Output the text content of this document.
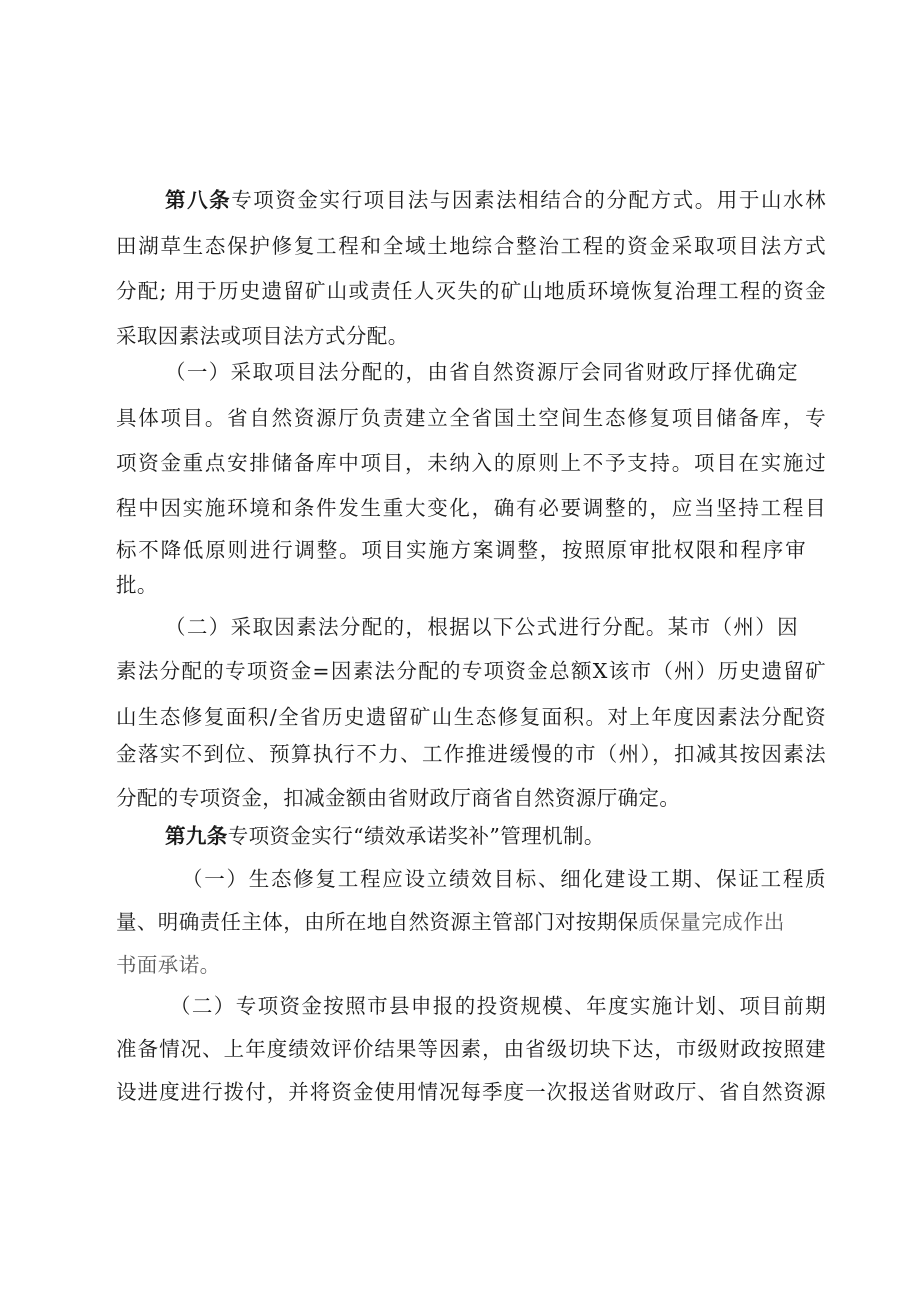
第八条专项资金实行项目法与因素法相结合的分配方式。用于山水林
田湖草生态保护修复工程和全域土地综合整治工程的资金采取项目法方式
分配; 用于历史遗留矿山或责任人灭失的矿山地质环境恢复治理工程的资金
采取因素法或项目法方式分配。
（一）采取项目法分配的，由省自然资源厅会同省财政厅择优确定
具体项目。省自然资源厅负责建立全省国土空间生态修复项目储备库，专
项资金重点安排储备库中项目，未纳入的原则上不予支持。项目在实施过
程中因实施环境和条件发生重大变化，确有必要调整的，应当坚持工程目
标不降低原则进行调整。项目实施方案调整，按照原审批权限和程序审
批。
（二）采取因素法分配的，根据以下公式进行分配。某市（州）因
素法分配的专项资金=因素法分配的专项资金总额X该市（州）历史遗留矿
山生态修复面积/全省历史遗留矿山生态修复面积。对上年度因素法分配资
金落实不到位、预算执行不力、工作推进缓慢的市（州），扣减其按因素法
分配的专项资金，扣减金额由省财政厅商省自然资源厅确定。
第九条专项资金实行“绩效承诺奖补”管理机制。
（一）生态修复工程应设立绩效目标、细化建设工期、保证工程质
量、明确责任主体，由所在地自然资源主管部门对按期保质保量完成作出
书面承诺。
（二）专项资金按照市县申报的投资规模、年度实施计划、项目前期
准备情况、上年度绩效评价结果等因素，由省级切块下达，市级财政按照建
设进度进行拨付，并将资金使用情况每季度一次报送省财政厅、省自然资源
